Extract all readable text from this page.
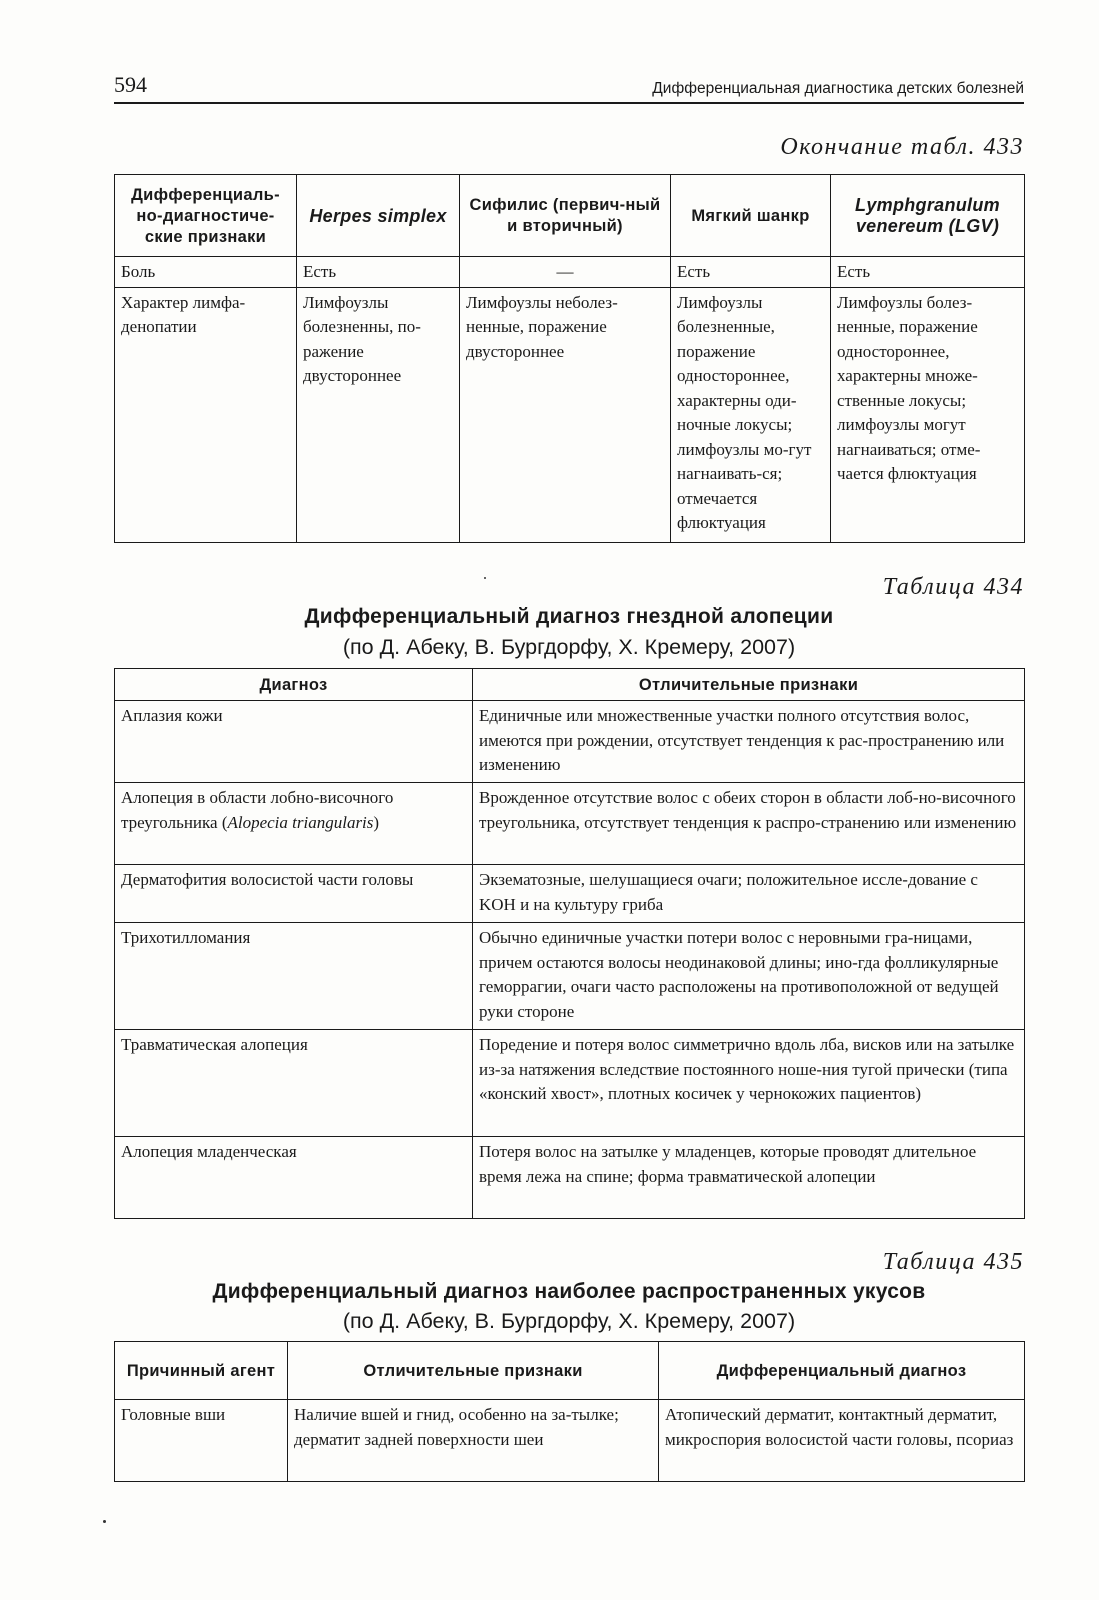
594	Дифференциальная диагностика детских болезней
Окончание табл. 433
Дифференциаль-но-диагностиче-ские признаки	Herpes simplex	Сифилис (первич-ный и вторичный)	Мягкий шанкр	Lymphgranulum venereum (LGV)
Боль	Есть	—	Есть	Есть
Характер лимфа-денопатии	Лимфоузлы болезненны, по-ражение двустороннее	Лимфоузлы неболез-ненные, поражение двустороннее	Лимфоузлы болезненные, поражение одностороннее, характерны оди-ночные локусы; лимфоузлы мо-гут нагнаивать-ся; отмечается флюктуация	Лимфоузлы болез-ненные, поражение одностороннее, характерны множе-ственные локусы; лимфоузлы могут нагнаиваться; отме-чается флюктуация
Таблица 434
Дифференциальный диагноз гнездной алопеции
(по Д. Абеку, В. Бургдорфу, Х. Кремеру, 2007)
Диагноз	Отличительные признаки
Аплазия кожи	Единичные или множественные участки полного отсутствия волос, имеются при рождении, отсутствует тенденция к рас-пространению или изменению
Алопеция в области лобно-височного треугольника (Alopecia triangularis)	Врожденное отсутствие волос с обеих сторон в области лоб-но-височного треугольника, отсутствует тенденция к распро-странению или изменению
Дерматофития волосистой части головы	Экзематозные, шелушащиеся очаги; положительное иссле-дование с KOH и на культуру гриба
Трихотилломания	Обычно единичные участки потери волос с неровными гра-ницами, причем остаются волосы неодинаковой длины; ино-гда фолликулярные геморрагии, очаги часто расположены на противоположной от ведущей руки стороне
Травматическая алопеция	Поредение и потеря волос симметрично вдоль лба, висков или на затылке из-за натяжения вследствие постоянного ноше-ния тугой прически (типа «конский хвост», плотных косичек у чернокожих пациентов)
Алопеция младенческая	Потеря волос на затылке у младенцев, которые проводят длительное время лежа на спине; форма травматической алопеции
Таблица 435
Дифференциальный диагноз наиболее распространенных укусов
(по Д. Абеку, В. Бургдорфу, Х. Кремеру, 2007)
Причинный агент	Отличительные признаки	Дифференциальный диагноз
Головные вши	Наличие вшей и гнид, особенно на за-тылке; дерматит задней поверхности шеи	Атопический дерматит, контактный дерматит, микроспория волосистой части головы, псориаз
